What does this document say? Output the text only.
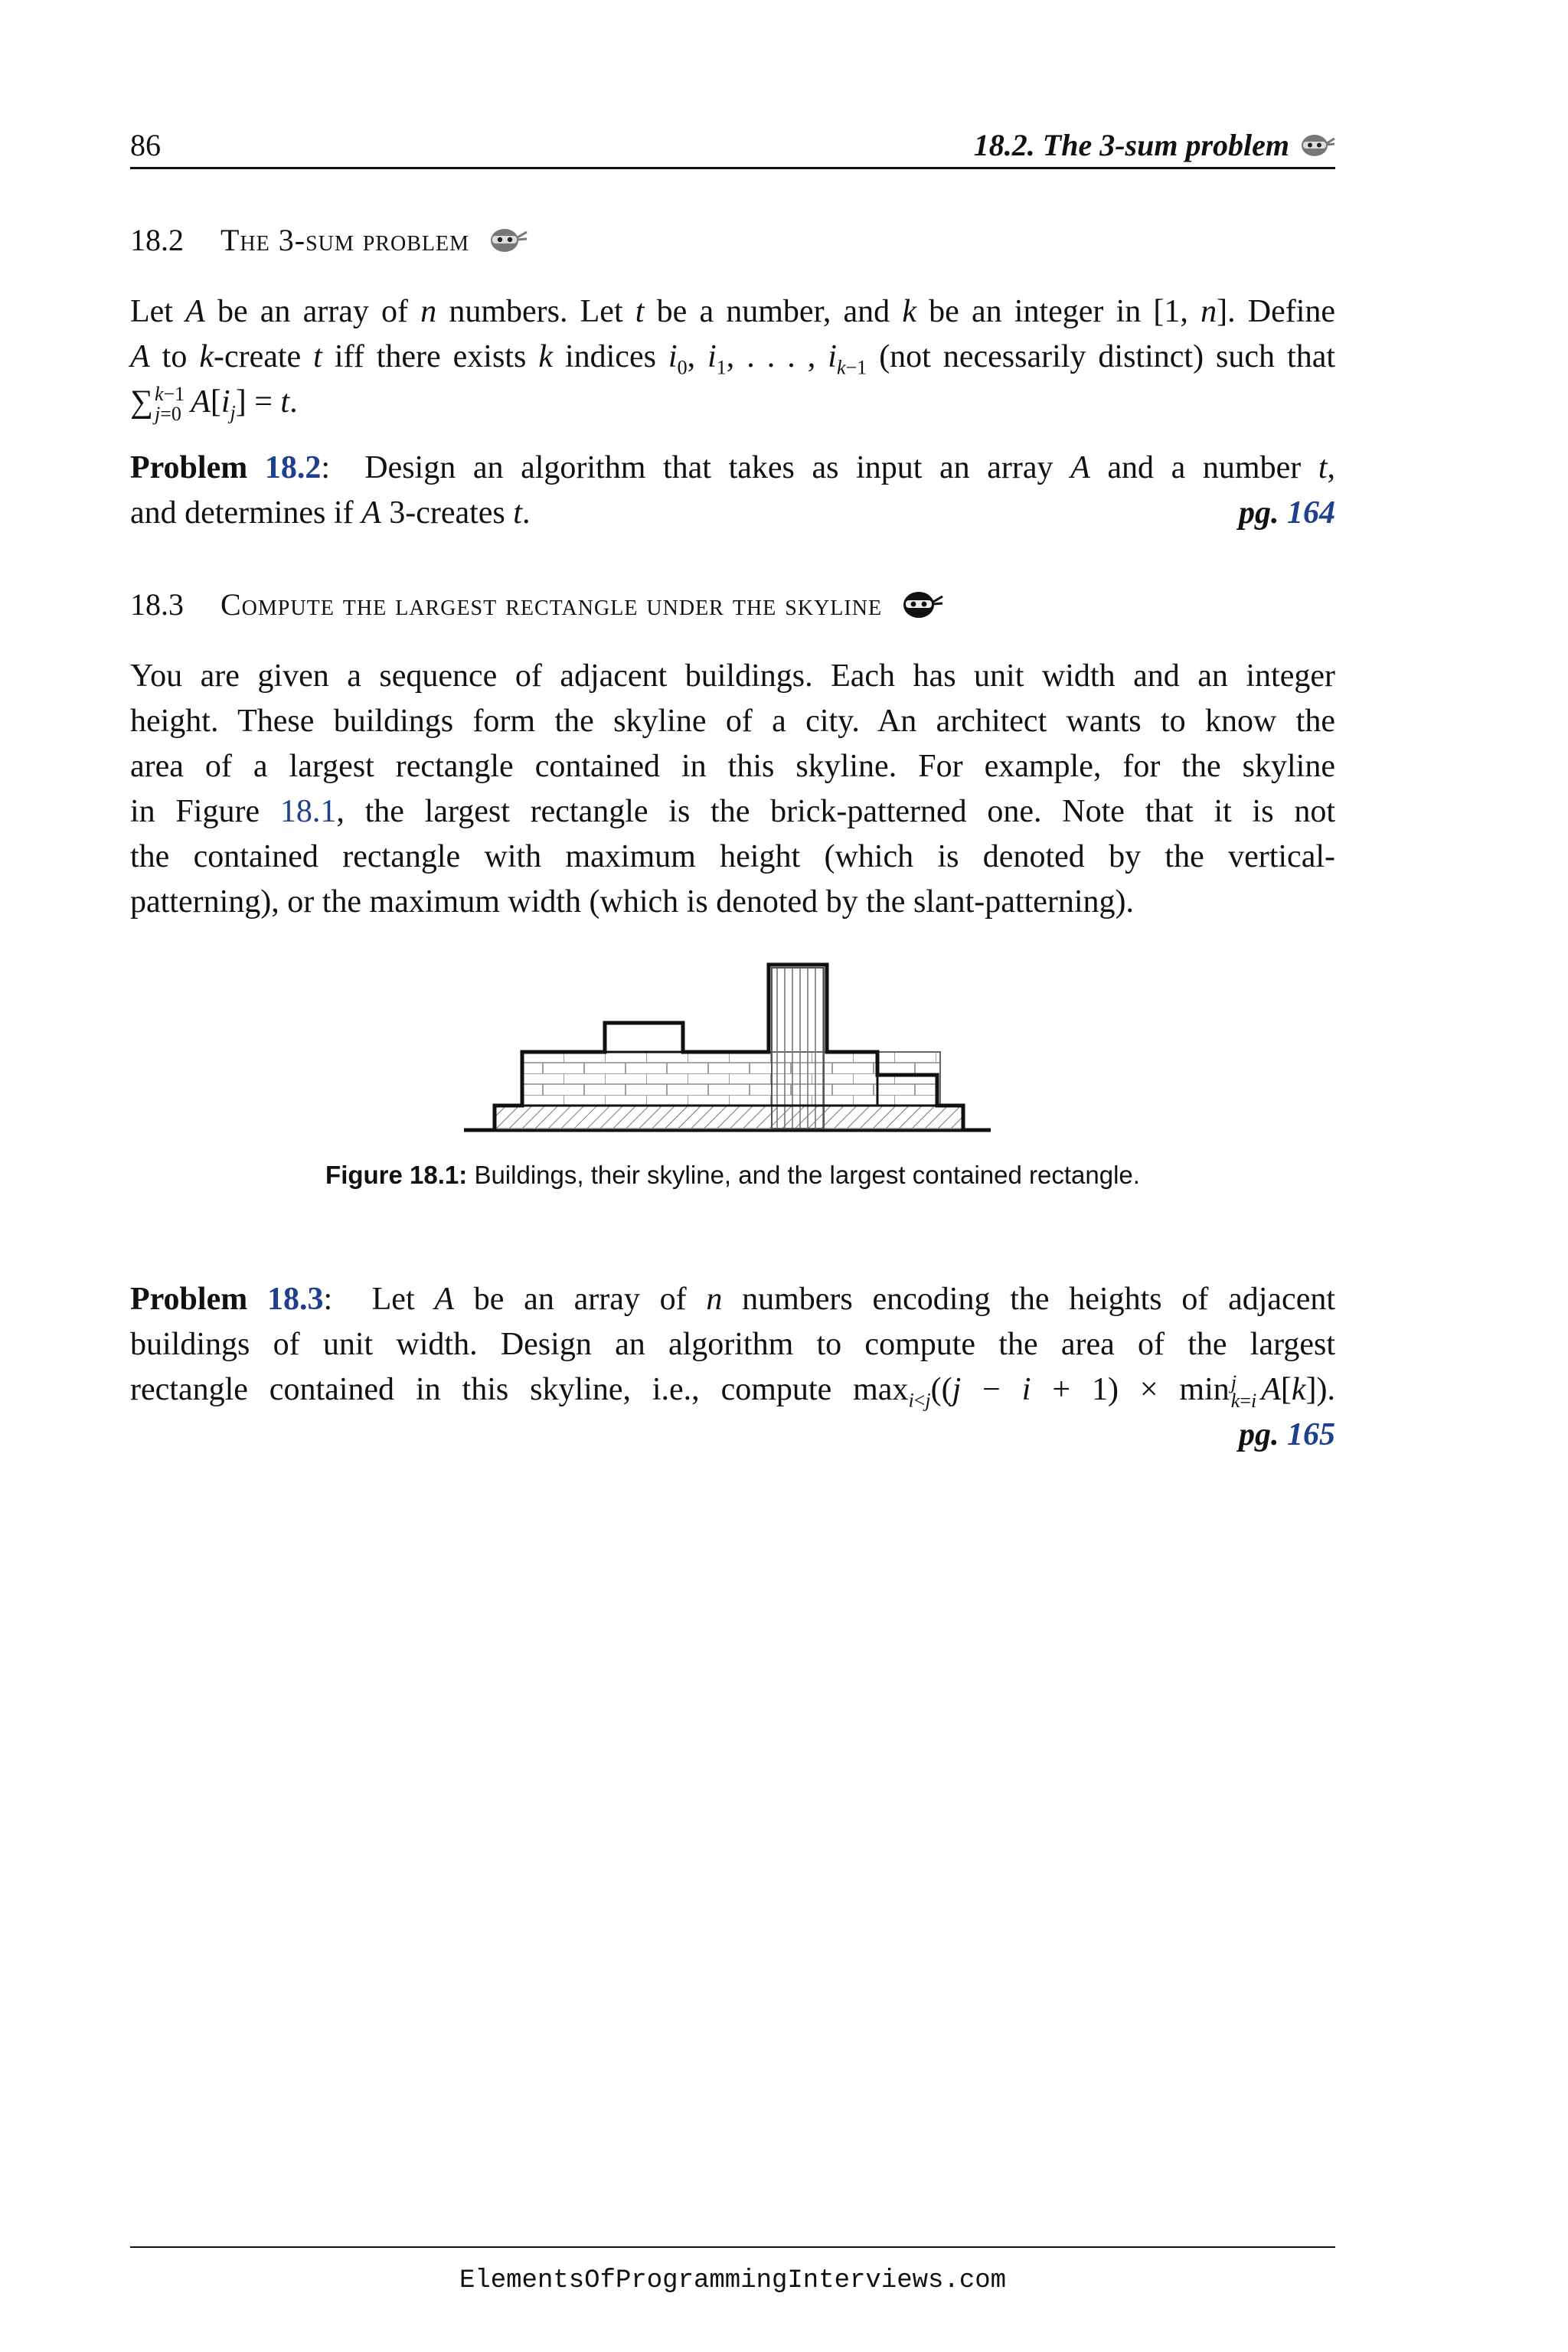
86	18.2. The 3-sum problem
18.2	The 3-sum problem
Let A be an array of n numbers. Let t be a number, and k be an integer in [1, n]. Define
A to k-create t iff there exists k indices $i_0$, $i_1$, . . . , $i_{k-1}$ (not necessarily distinct) such that
∑ k−1
j=0 $A[i_j] = t$.
Problem 18.2:  Design an algorithm that takes as input an array A and a number t,
and determines if A 3-creates t.	pg. 164
18.3	Compute the largest rectangle under the skyline
You are given a sequence of adjacent buildings. Each has unit width and an integer
height. These buildings form the skyline of a city. An architect wants to know the
area of a largest rectangle contained in this skyline. For example, for the skyline
in Figure 18.1, the largest rectangle is the brick-patterned one. Note that it is not
the contained rectangle with maximum height (which is denoted by the vertical-
patterning), or the maximum width (which is denoted by the slant-patterning).
Figure 18.1: Buildings, their skyline, and the largest contained rectangle.
Problem 18.3:  Let A be an array of n numbers encoding the heights of adjacent
buildings of unit width. Design an algorithm to compute the area of the largest
rectangle contained in this skyline, i.e., compute $\max_{i<j}((j - i + 1) \times \min j$
k=i A[k]).
pg. 165
ElementsOfProgrammingInterviews.com
